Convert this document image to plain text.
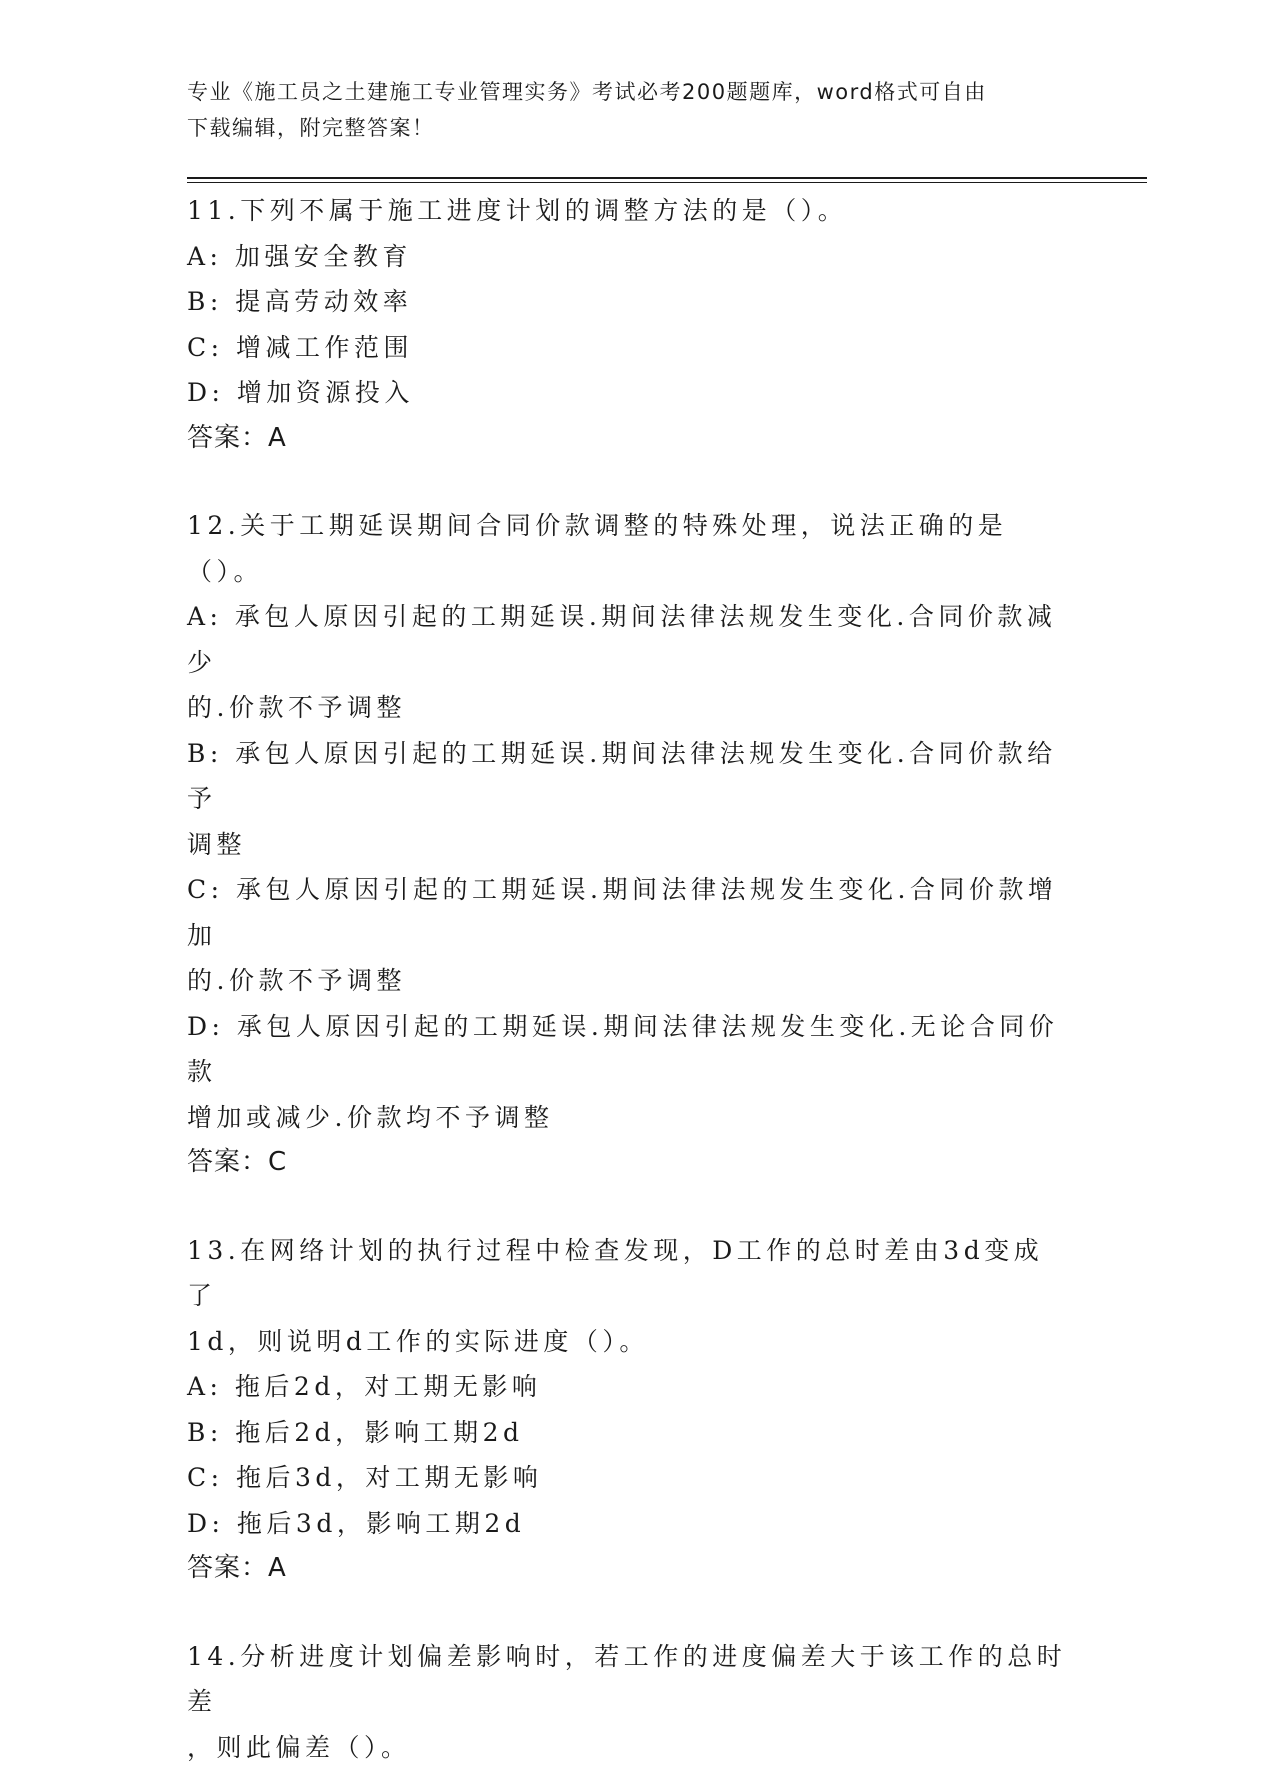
专业《施工员之土建施工专业管理实务》考试必考200题题库，word格式可自由
下载编辑，附完整答案！
11.下列不属于施工进度计划的调整方法的是（）。
A: 加强安全教育
B: 提高劳动效率
C: 增减工作范围
D: 增加资源投入
答案：A
12.关于工期延误期间合同价款调整的特殊处理，说法正确的是（）。
A: 承包人原因引起的工期延误.期间法律法规发生变化.合同价款减少
的.价款不予调整
B: 承包人原因引起的工期延误.期间法律法规发生变化.合同价款给予
调整
C: 承包人原因引起的工期延误.期间法律法规发生变化.合同价款增加
的.价款不予调整
D: 承包人原因引起的工期延误.期间法律法规发生变化.无论合同价款
增加或减少.价款均不予调整
答案：C
13.在网络计划的执行过程中检查发现，D工作的总时差由3d变成了
1d，则说明d工作的实际进度（）。
A: 拖后2d，对工期无影响
B: 拖后2d，影响工期2d
C: 拖后3d，对工期无影响
D: 拖后3d，影响工期2d
答案：A
14.分析进度计划偏差影响时，若工作的进度偏差大于该工作的总时差
，则此偏差（）。
